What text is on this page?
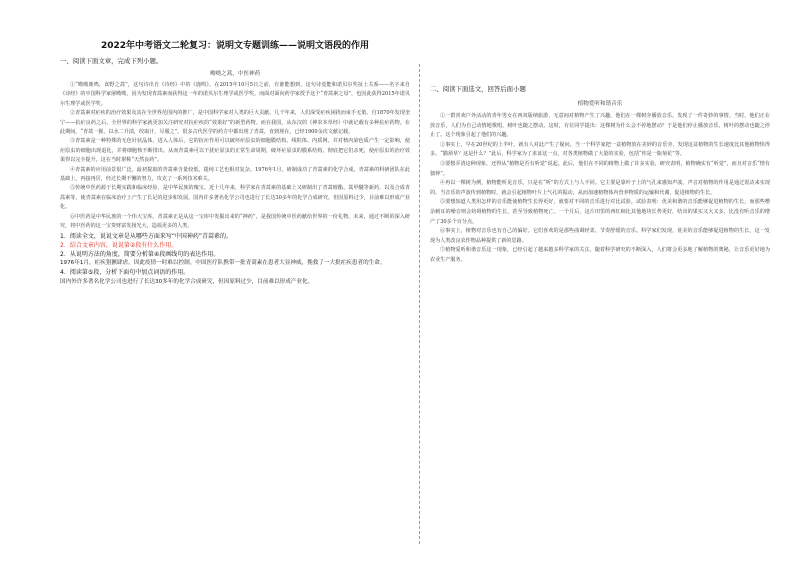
2022年中考语文二轮复习：说明文专题训练——说明文语段的作用
一、阅读下面文章，完成下列小题。
呦呦之蒿，中医神药

①“呦呦鹿鸣，食野之蒿”，这句诗出自《诗经》中的《鹿鸣》。在2015年10月5日之前，有谁能想到，这句诗竟能和诺贝尔奖扯上关系——名字来自《诗经》的中国科学家屠呦呦，因为发现青蒿素而获得这一年的诺贝尔生理学或医学奖。而面对面向药学家授予这个“青蒿素之母”，也因此获得2015年诺贝尔生理学或医学奖。

②青蒿素对疟疾的治疗效果及其在全世界范围内的推广，是中国科学家对人类的巨大贡献。几千年来，人们深受疟疾困扰而束手无策。自1870年发现奎宁——抗疟良药之后，全世界的科学家就更加关注研究对抗疟疾的“效果好”的新型药物。而在我国，从东汉的《神农本草经》中就记载有多种抗疟药物。在此期间，“青蒿一握，以水二升渍，绞取汁，尽服之”。很多古代医学的药方中都出现了青蒿，直到现在，已经1900余次文献记载。

③青蒿素是一种特殊的无色针状晶体，进入人体后，它的抗疟作用可以破坏疟原虫的细胞膜结构、线粒体、内质网、并对核内染色质产生一定影响，使疟原虫的细胞出现退化，并将细胞核不断排出。从而青蒿素可以干扰疟原虫的正常生命周期，破坏疟原虫的膜系结构，彻底把它们杀死，使疟原虫的治疗效果得以完全提升，这在当时堪称“天然良药”。

④青蒿素的应用前景很广泛。最初提取的青蒿素含量较低，提纯工艺也相对复杂。1976年1月，研制成功了青蒿素的化学合成，青蒿素的科研团队在此基础上，再接再厉，经过长期不懈的努力，攻克了一系列技术难关。

⑤传统中医药源于长期实践和临床经验，是中华民族的瑰宝。近十几年来，科学家在青蒿素的基础上又研制出了青蒿琥酯、蒿甲醚等新药，以及合成青蒿素等，使青蒿素在临床治疗上产生了长足的进步和发展。国内许多著名化学公司也进行了长达30多年的化学合成研究，但因原料过少，目前难以形成产业化。

⑥中医药是中华民族的一个伟大宝库。青蒿素正是从这一宝库中发掘出来的“神药”，是我国传统中医药献给世界的一份礼物。未来，通过不断的深入研究，将中医药的这一宝贵财富发扬光大，造福更多的人类。

1．阅读全文，说说文章是从哪些方面来写“中国神药”青蒿素的。

2．结合文章内容，说说第②段有什么作用。

2．从说明方法的角度，简要分析第④段画线句的表达作用。

1976年1月，疟疾猖獗肆虐，因此疫情一时难以控制。中国医疗队携带一批青蒿素在患者大显神威，挽救了一大批疟疾患者的生命。

4．阅读第⑤段，分析下面句中加点词语的作用。

国内外许多著名化学公司也进行了长达30多年的化学合成研究，但因原料过少，目前难以形成产业化。

二、阅读下面选文，回答后面小题
植物爱听和谐音乐

①一群喜欢户外活动的青年男女在西双版纳旅游，无意间对植物产生了兴趣，他们在一棵树旁播放音乐，发现了一件奇妙的事情。当时，他们正在放音乐，人们为自己动情地歌唱，树叶也随之摆动。这时，有位同学提出：这棵树为什么会不停地摆动？于是他们停止播放音乐，树叶的摆动也随之停止了。这个现象引起了他们的兴趣。

②事实上，早在20世纪的上半叶，就有人对此产生了疑问。当一个科学家把一盆植物放在美妙的音乐旁，发现这盆植物的生长速度比其他植物快得多。“猫须草？这是什么？”此后，科学家为了求证这一点，对各类植物做了大量的实验，包括“你是一瓶菊花”等。

③要想弄清这种现象，还得从“植物是否有听觉”说起。此后，他们在不同的植物上做了许多实验，研究表明，植物确实有“听觉”，而且对音乐“情有独钟”。

④再以一棵树为例，植物能听见音乐，只是在“听”的方式上与人不同。它主要是靠叶子上的气孔来感知声波。声音对植物的作用是通过震动来实现的。当音乐的声波传到植物时，就会引起植物叶片上气孔的振动，从而加速植物体内营养物质的运输和代谢，促进植物的生长。

⑤要想知道人类用怎样的音乐能使植物生长得更好，就要对不同的音乐进行对比试验。试验表明：优美和谐的音乐能够促进植物的生长，而那些嘈杂刺耳的噪音则会妨碍植物的生长，甚至导致植物死亡。一个月后，这片田里的西红柿比其他地块长势更好，结出的果实又大又多，比没有听音乐的增产了30多个百分点。

⑥事实上，植物对音乐也有自己的偏好。它们喜欢的是那些曲调轻柔、节奏舒缓的音乐。科学家们发现，优美的音乐能够促进植物的生长，这一发现为人类改良农作物品种提供了新的思路。

⑦植物爱听和谐音乐这一现象，已经引起了越来越多科学家的关注。随着科学研究的不断深入，人们将会更多地了解植物的奥秘，让音乐更好地为农业生产服务。
